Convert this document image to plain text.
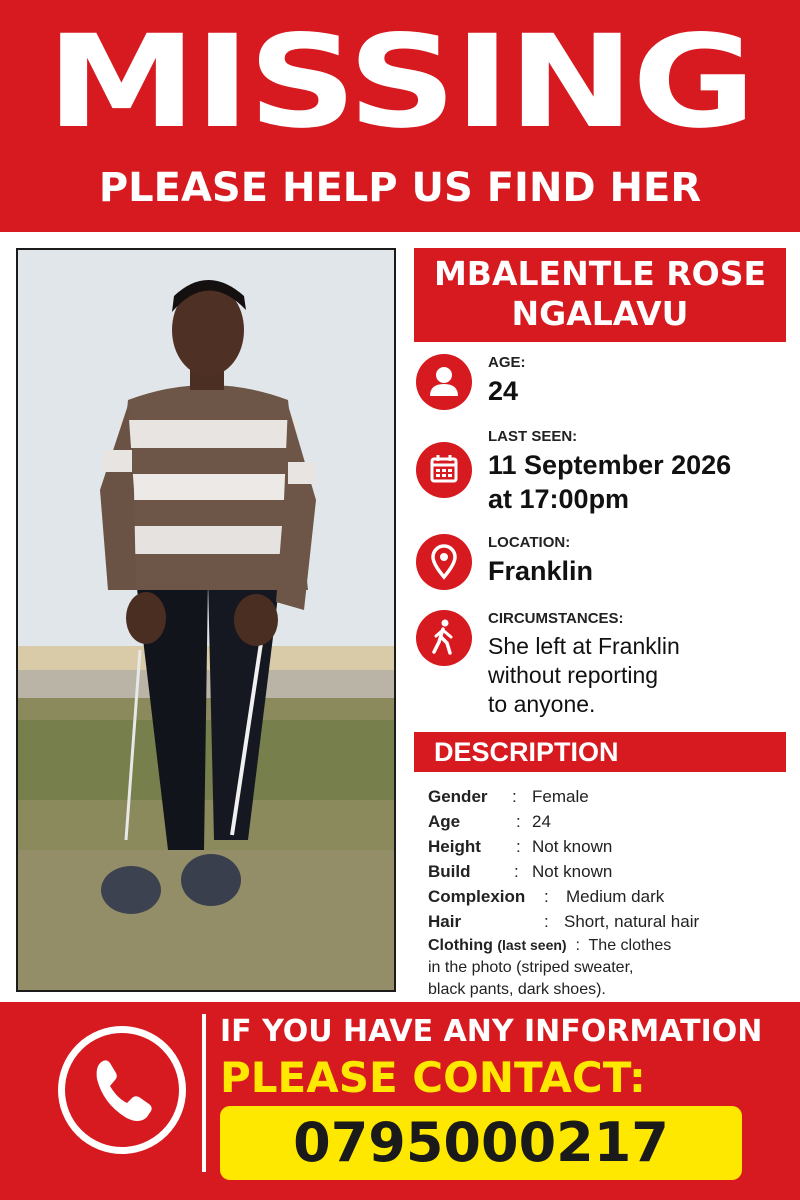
MISSING
PLEASE HELP US FIND HER
MBALENTLE ROSE
NGALAVU
AGE:
24
LAST SEEN:
11 September 2026
at 17:00pm
LOCATION:
Franklin
CIRCUMSTANCES:
She left at Franklin
without reporting
to anyone.
DESCRIPTION
Gender : Female
Age	: 24
Height : Not known
Build	: Not known
Complexion : Medium dark
Hair	: Short, natural hair
Clothing (last seen)  :  The clothes
in the photo (striped sweater,
black pants, dark shoes).
IF YOU HAVE ANY INFORMATION
PLEASE CONTACT:
0795000217
